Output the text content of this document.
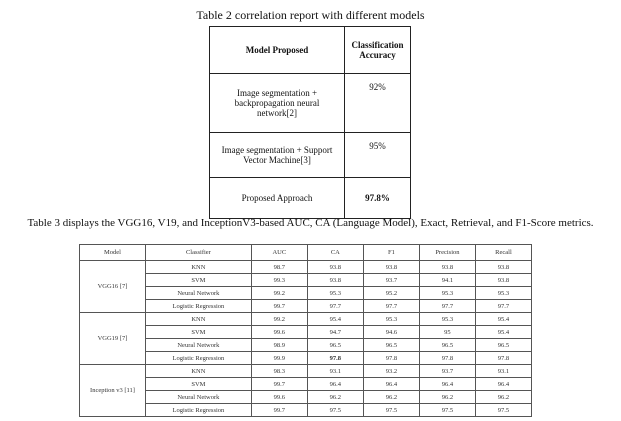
Table 2 correlation report with different models
Model Proposed	Classification Accuracy
Image segmentation + backpropagation neural network[2]	92%
Image segmentation + Support Vector Machine[3]	95%
Proposed Approach	97.8%
Table 3 displays the VGG16, V19, and InceptionV3-based AUC, CA (Language Model), Exact, Retrieval, and F1-Score metrics.
Model	Classifier	AUC	CA	F1	Precision	Recall
VGG16 [7]	KNN	98.7	93.8	93.8	93.8	93.8
	SVM	99.3	93.8	93.7	94.1	93.8
	Neural Network	99.2	95.3	95.2	95.3	95.3
	Logistic Regression	99.7	97.7	97.7	97.7	97.7
VGG19 [7]	KNN	99.2	95.4	95.3	95.3	95.4
	SVM	99.6	94.7	94.6	95	95.4
	Neural Network	98.9	96.5	96.5	96.5	96.5
	Logistic Regression	99.9	97.8	97.8	97.8	97.8
Inception v3 [11]	KNN	98.3	93.1	93.2	93.7	93.1
	SVM	99.7	96.4	96.4	96.4	96.4
	Neural Network	99.6	96.2	96.2	96.2	96.2
	Logistic Regression	99.7	97.5	97.5	97.5	97.5
